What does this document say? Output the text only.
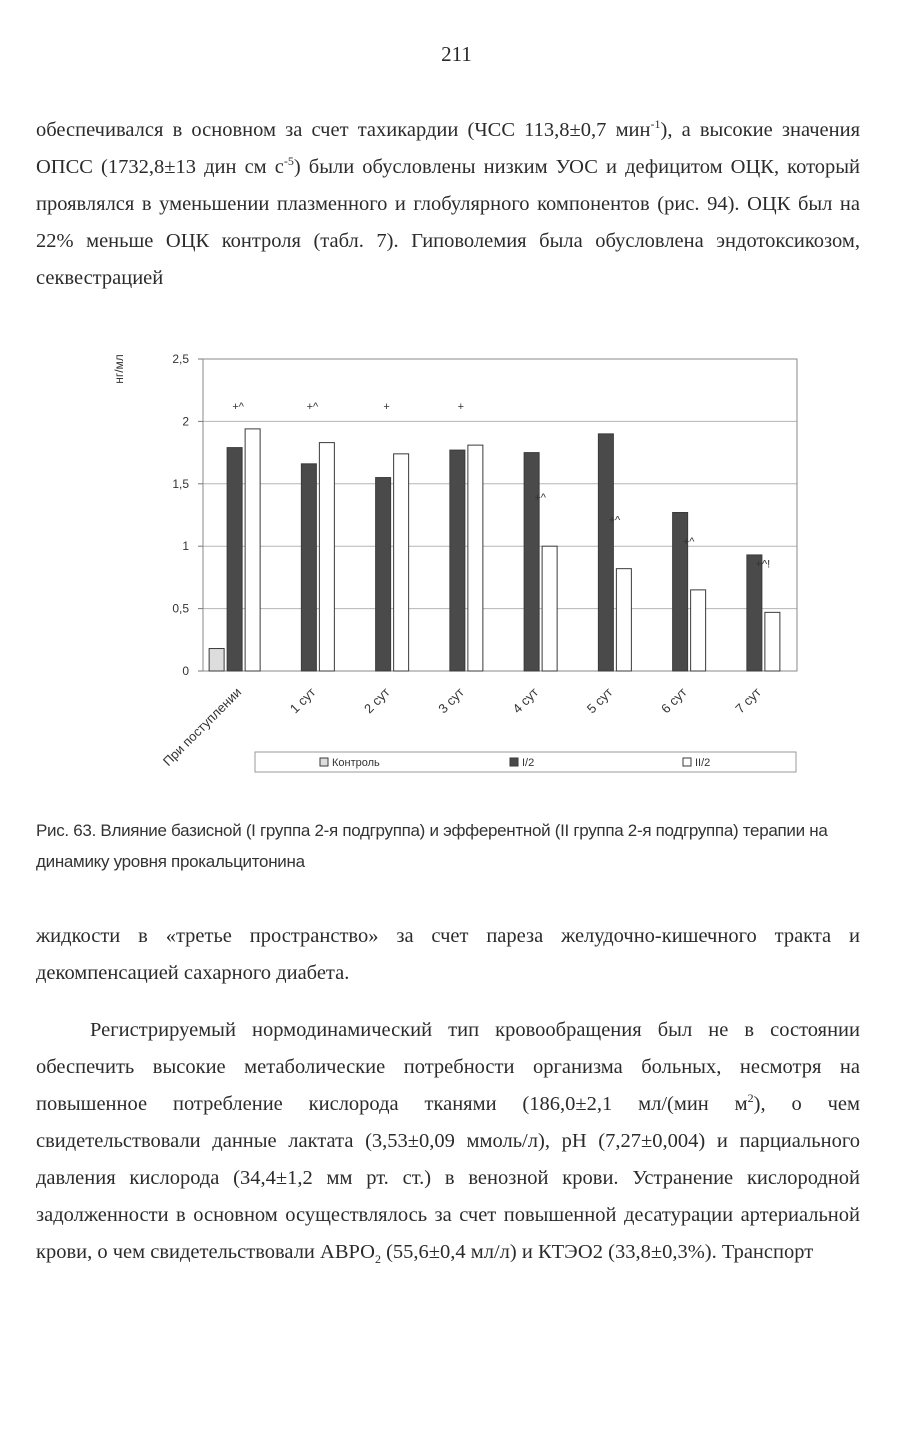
211

обеспечивался в основном за счет тахикардии (ЧСС 113,8±0,7 мин$^{-1}$), а высокие значения ОПСС (1732,8±13 дин см $с^{-5}$) были обусловлены низким УОС и дефицитом ОЦК, который проявлялся в уменьшении плазменного и глобулярного компонентов (рис. 94). ОЦК был на 22% меньше ОЦК контроля (табл. 7). Гиповолемия была обусловлена эндотоксикозом, секвестрацией

0
0,5
1
1,5
2
2,5
нг/мл
+^	+^	+	+
+^
+^
+^
+^!
При поступлении	1 сут	2 сут	3 сут	4 сут	5 сут	6 сут	7 сут
Контроль	I/2	II/2

Рис. 63. Влияние базисной (I группа 2-я подгруппа) и эфферентной (II группа 2-я подгруппа) терапии на динамику уровня прокальцитонина

жидкости в «третье пространство» за счет пареза желудочно-кишечного тракта и декомпенсацией сахарного диабета.

Регистрируемый нормодинамический тип кровообращения был не в состоянии обеспечить высокие метаболические потребности организма больных, несмотря на повышенное потребление кислорода тканями (186,0±2,1 мл/(мин $м^2$), о чем свидетельствовали данные лактата (3,53±0,09 ммоль/л), pH (7,27±0,004) и парциального давления кислорода (34,4±1,2 мм рт. ст.) в венозной крови. Устранение кислородной задолженности в основном осуществлялось за счет повышенной десатурации артериальной крови, о чем свидетельствовали $АВРО_2$ (55,6±0,4 мл/л) и КТЭО2 (33,8±0,3%). Транспорт
